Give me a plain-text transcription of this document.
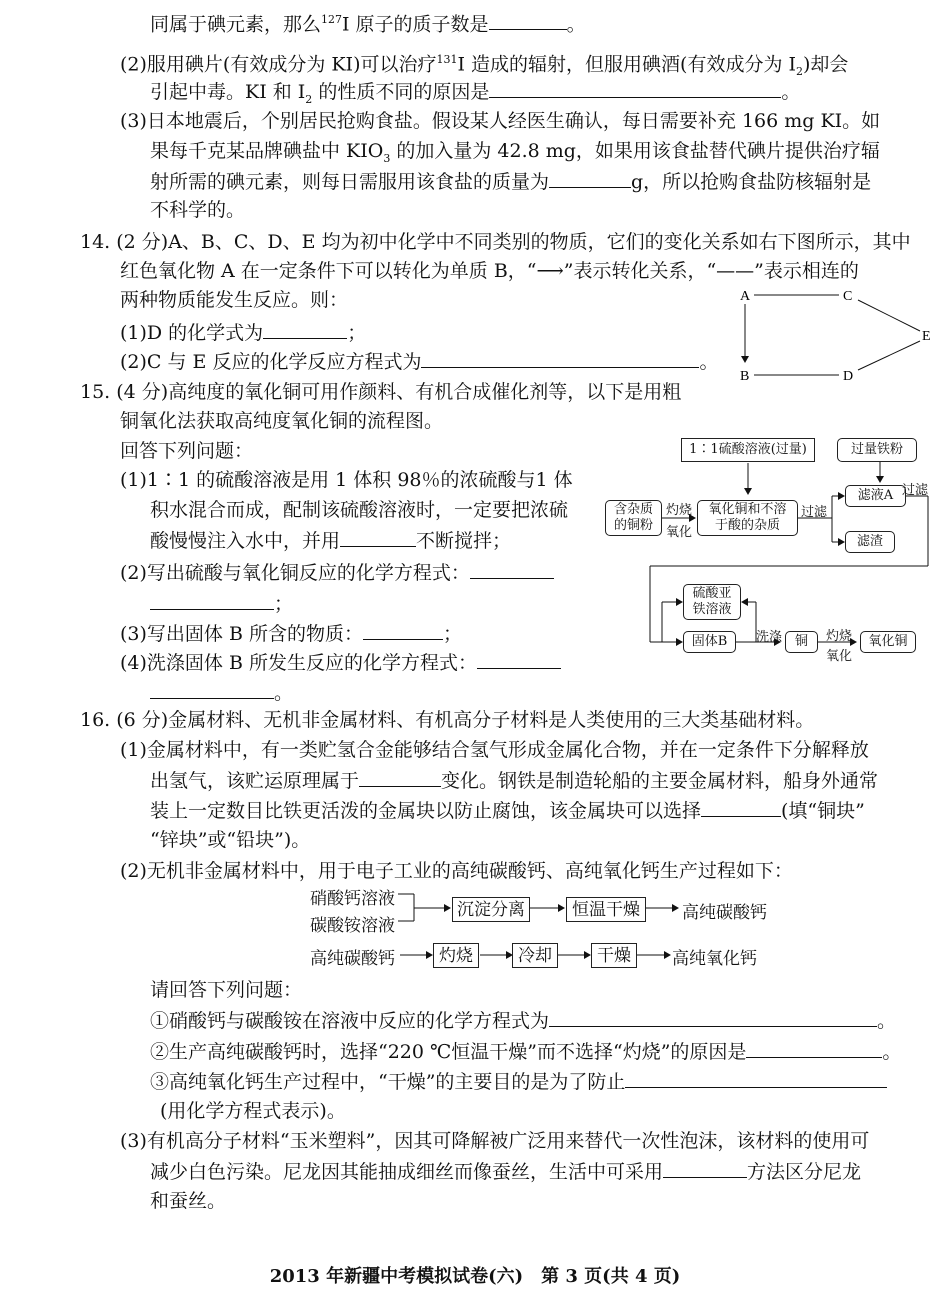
同属于碘元素，那么$^{127}$I 原子的质子数是	。
(2)服用碘片(有效成分为 KI)可以治疗$^{131}$I 造成的辐射，但服用碘酒(有效成分为 $I_2$)却会
引起中毒。KI 和 $I_2$ 的性质不同的原因是	。
(3)日本地震后，个别居民抢购食盐。假设某人经医生确认，每日需要补充 166 mg KI。如
果每千克某品牌碘盐中 $KIO_3$ 的加入量为 42.8 mg，如果用该食盐替代碘片提供治疗辐
射所需的碘元素，则每日需服用该食盐的质量为	g，所以抢购食盐防核辐射是
不科学的。
14. (2 分)A、B、C、D、E 均为初中化学中不同类别的物质，它们的变化关系如右下图所示，其中
红色氧化物 A 在一定条件下可以转化为单质 B，“⟶”表示转化关系，“——”表示相连的
两种物质能发生反应。则：
(1)D 的化学式为	；
(2)C 与 E 反应的化学反应方程式为	。
A	C
E
B	D
15. (4 分)高纯度的氧化铜可用作颜料、有机合成催化剂等，以下是用粗
铜氧化法获取高纯度氧化铜的流程图。
回答下列问题：
(1)1∶1 的硫酸溶液是用 1 体积 98％的浓硫酸与1 体
积水混合而成，配制该硫酸溶液时，一定要把浓硫
酸慢慢注入水中，并用	不断搅拌；
(2)写出硫酸与氧化铜反应的化学方程式：
；
(3)写出固体 B 所含的物质：	；
(4)洗涤固体 B 所发生反应的化学方程式：
。
1∶1硫酸溶液(过量)	过量铁粉
含杂质
的铜粉
灼烧
氧化
氧化铜和不溶
于酸的杂质
过滤
滤液A 过滤
滤渣
硫酸亚
铁溶液
固体B 洗涤 铜 灼烧
氧化
氧化铜
16. (6 分)金属材料、无机非金属材料、有机高分子材料是人类使用的三大类基础材料。
(1)金属材料中，有一类贮氢合金能够结合氢气形成金属化合物，并在一定条件下分解释放
出氢气，该贮运原理属于	变化。钢铁是制造轮船的主要金属材料，船身外通常
装上一定数目比铁更活泼的金属块以防止腐蚀，该金属块可以选择	(填“铜块”
“锌块”或“铅块”)。
(2)无机非金属材料中，用于电子工业的高纯碳酸钙、高纯氧化钙生产过程如下：
硝酸钙溶液
碳酸铵溶液
沉淀分离	恒温干燥 高纯碳酸钙
高纯碳酸钙	灼烧	冷却	干燥 高纯氧化钙
请回答下列问题：
①硝酸钙与碳酸铵在溶液中反应的化学方程式为	。
②生产高纯碳酸钙时，选择“220 ℃恒温干燥”而不选择“灼烧”的原因是	。
③高纯氧化钙生产过程中，“干燥”的主要目的是为了防止
(用化学方程式表示)。
(3)有机高分子材料“玉米塑料”，因其可降解被广泛用来替代一次性泡沫，该材料的使用可
减少白色污染。尼龙因其能抽成细丝而像蚕丝，生活中可采用	方法区分尼龙
和蚕丝。
2013 年新疆中考模拟试卷(六)　第 3 页(共 4 页)
